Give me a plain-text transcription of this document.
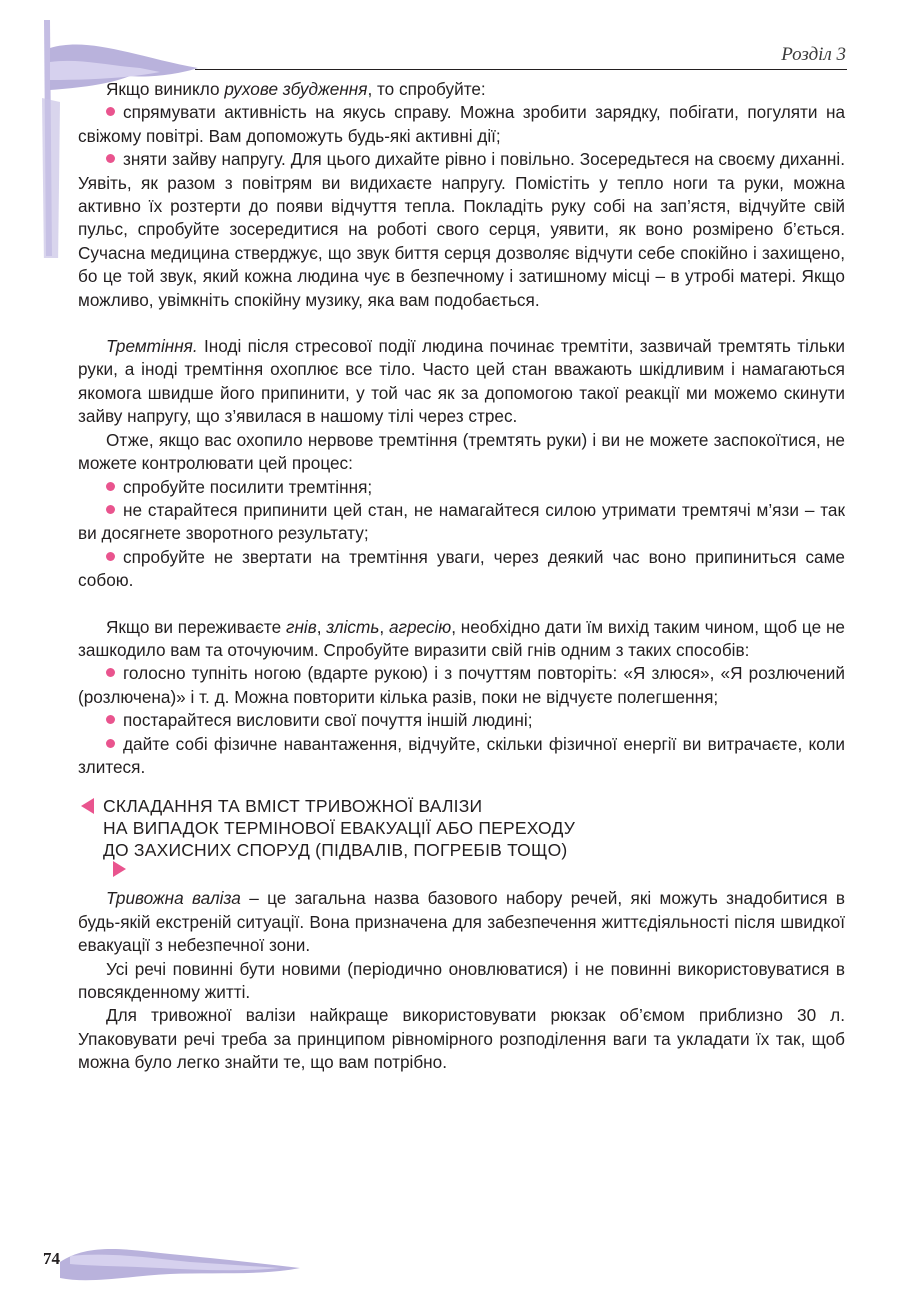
Розділ 3

Якщо виникло рухове збудження, то спробуйте:

спрямувати активність на якусь справу. Можна зробити зарядку, побігати, погуляти на свіжому повітрі. Вам допоможуть будь-які активні дії;

зняти зайву напругу. Для цього дихайте рівно і повільно. Зосередьтеся на своєму диханні. Уявіть, як разом з повітрям ви видихаєте напругу. Помістіть у тепло ноги та руки, можна активно їх розтерти до появи відчуття тепла. Покладіть руку собі на зап’ястя, відчуйте свій пульс, спробуйте зосередитися на роботі свого серця, уявити, як воно розмірено б’ється. Сучасна медицина стверджує, що звук биття серця дозволяє відчути себе спокійно і захищено, бо це той звук, який кожна людина чує в безпечному і затишному місці – в утробі матері. Якщо можливо, увімкніть спокійну музику, яка вам подобається.

Тремтіння. Іноді після стресової події людина починає тремтіти, зазвичай тремтять тільки руки, а іноді тремтіння охоплює все тіло. Часто цей стан вважають шкідливим і намагаються якомога швидше його припинити, у той час як за допомогою такої реакції ми можемо скинути зайву напругу, що з’явилася в нашому тілі через стрес.

Отже, якщо вас охопило нервове тремтіння (тремтять руки) і ви не можете заспокоїтися, не можете контролювати цей процес:

спробуйте посилити тремтіння;

не старайтеся припинити цей стан, не намагайтеся силою утримати тремтячі м’язи – так ви досягнете зворотного результату;

спробуйте не звертати на тремтіння уваги, через деякий час воно припиниться саме собою.

Якщо ви переживаєте гнів, злість, агресію, необхідно дати їм вихід таким чином, щоб це не зашкодило вам та оточуючим. Спробуйте виразити свій гнів одним з таких способів:

голосно тупніть ногою (вдарте рукою) і з почуттям повторіть: «Я злюся», «Я розлючений (розлючена)» і т. д. Можна повторити кілька разів, поки не відчуєте полегшення;

постарайтеся висловити свої почуття іншій людині;

дайте собі фізичне навантаження, відчуйте, скільки фізичної енергії ви витрачаєте, коли злитеся.

СКЛАДАННЯ ТА ВМІСТ ТРИВОЖНОЇ ВАЛІЗИ
НА ВИПАДОК ТЕРМІНОВОЇ ЕВАКУАЦІЇ АБО ПЕРЕХОДУ
ДО ЗАХИСНИХ СПОРУД (ПІДВАЛІВ, ПОГРЕБІВ ТОЩО)

Тривожна валіза – це загальна назва базового набору речей, які можуть знадобитися в будь-якій екстреній ситуації. Вона призначена для забезпечення життєдіяльності після швидкої евакуації з небезпечної зони.

Усі речі повинні бути новими (періодично оновлюватися) і не повинні використовуватися в повсякденному житті.

Для тривожної валізи найкраще використовувати рюкзак об’ємом приблизно 30 л. Упаковувати речі треба за принципом рівномірного розподілення ваги та укладати їх так, щоб можна було легко знайти те, що вам потрібно.

74
